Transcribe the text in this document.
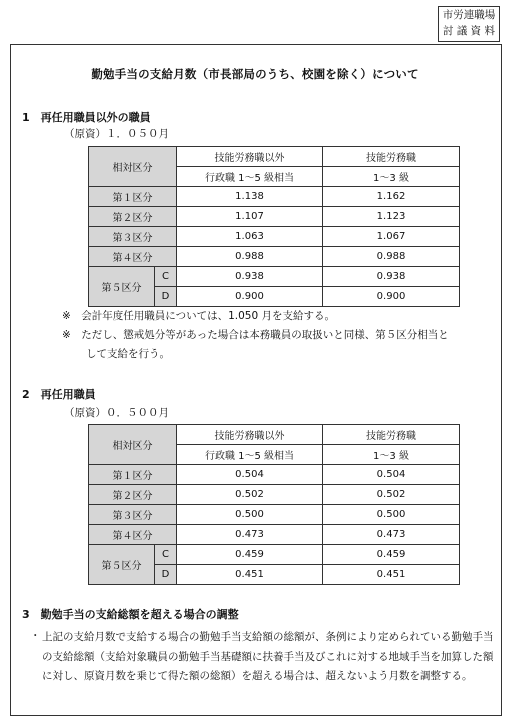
市労連職場
討 議 資 料
勤勉手当の支給月数（市長部局のうち、校園を除く）について
1　再任用職員以外の職員
（原資）１．０５０月
相対区分		技能労務職以外	技能労務職
		行政職 1～5 級相当	1～3 級
第１区分		1.138	1.162
第２区分		1.107	1.123
第３区分		1.063	1.067
第４区分		0.988	0.988
第５区分	C	0.938	0.938
	D	0.900	0.900
※　会計年度任用職員については、1.050 月を支給する。
※　ただし、懲戒処分等があった場合は本務職員の取扱いと同様、第５区分相当と
して支給を行う。
2　再任用職員
（原資）０．５００月
相対区分		技能労務職以外	技能労務職
		行政職 1～5 級相当	1～3 級
第１区分		0.504	0.504
第２区分		0.502	0.502
第３区分		0.500	0.500
第４区分		0.473	0.473
第５区分	C	0.459	0.459
	D	0.451	0.451
3　勤勉手当の支給総額を超える場合の調整
・ 上記の支給月数で支給する場合の勤勉手当支給額の総額が、条例により定められている勤勉手当の支給総額（支給対象職員の勤勉手当基礎額に扶養手当及びこれに対する地域手当を加算した額に対し、原資月数を乗じて得た額の総額）を超える場合は、超えないよう月数を調整する。
